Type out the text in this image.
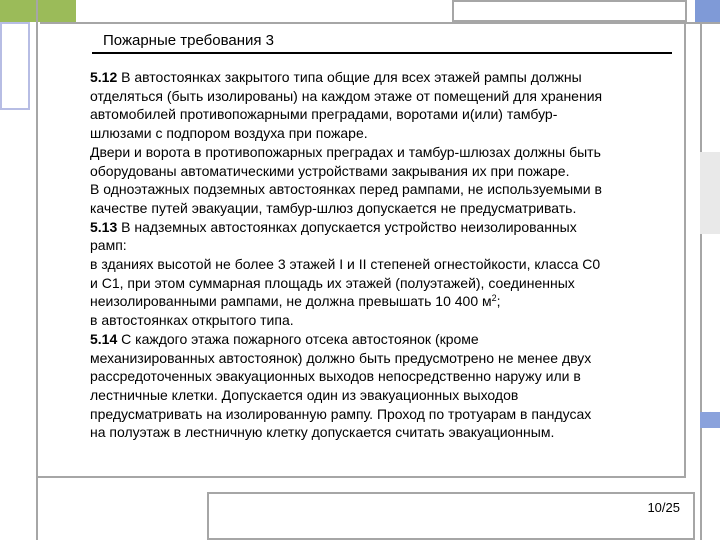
Пожарные требования 3

5.12 В автостоянках закрытого типа общие для всех этажей рампы должны

отделяться (быть изолированы) на каждом этаже от помещений для хранения

автомобилей противопожарными преградами, воротами и(или) тамбур-

шлюзами с подпором воздуха при пожаре.

Двери и ворота в противопожарных преградах и тамбур-шлюзах должны быть

оборудованы автоматическими устройствами закрывания их при пожаре.

В одноэтажных подземных автостоянках перед рампами, не используемыми в

качестве путей эвакуации, тамбур-шлюз допускается не предусматривать.

5.13 В надземных автостоянках допускается устройство неизолированных

рамп:

в зданиях высотой не более 3 этажей I и II степеней огнестойкости, класса С0

и С1, при этом суммарная площадь их этажей (полуэтажей), соединенных

неизолированными рампами, не должна превышать 10 400 $м^2$;

в автостоянках открытого типа.

5.14 С каждого этажа пожарного отсека автостоянок (кроме

механизированных автостоянок) должно быть предусмотрено не менее двух

рассредоточенных эвакуационных выходов непосредственно наружу или в

лестничные клетки. Допускается один из эвакуационных выходов

предусматривать на изолированную рампу. Проход по тротуарам в пандусах

на полуэтаж в лестничную клетку допускается считать эвакуационным.

10/25
